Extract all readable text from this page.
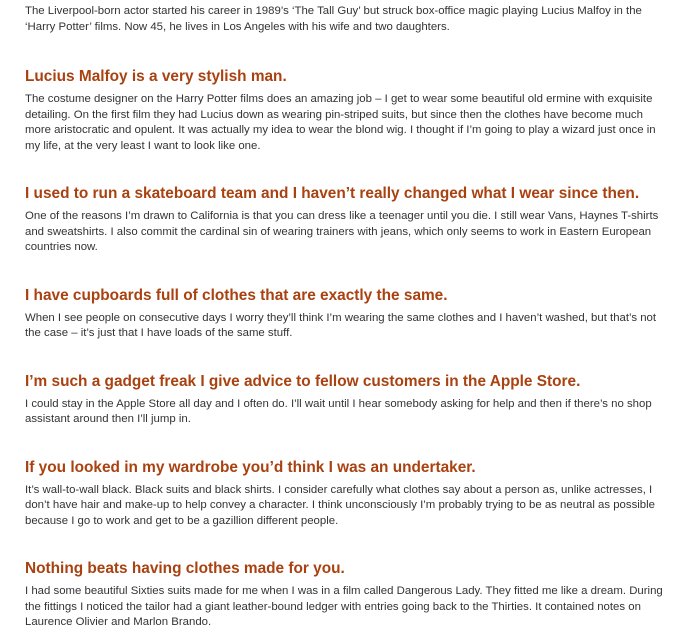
The Liverpool-born actor started his career in 1989’s ‘The Tall Guy’ but struck box-office magic playing Lucius Malfoy in the ‘Harry Potter’ films. Now 45, he lives in Los Angeles with his wife and two daughters.

Lucius Malfoy is a very stylish man.

The costume designer on the Harry Potter films does an amazing job – I get to wear some beautiful old ermine with exquisite detailing. On the first film they had Lucius down as wearing pin-striped suits, but since then the clothes have become much more aristocratic and opulent. It was actually my idea to wear the blond wig. I thought if I’m going to play a wizard just once in my life, at the very least I want to look like one.

I used to run a skateboard team and I haven’t really changed what I wear since then.

One of the reasons I’m drawn to California is that you can dress like a teenager until you die. I still wear Vans, Haynes T-shirts and sweatshirts. I also commit the cardinal sin of wearing trainers with jeans, which only seems to work in Eastern European countries now.

I have cupboards full of clothes that are exactly the same.

When I see people on consecutive days I worry they’ll think I’m wearing the same clothes and I haven’t washed, but that’s not the case – it’s just that I have loads of the same stuff.

I’m such a gadget freak I give advice to fellow customers in the Apple Store.

I could stay in the Apple Store all day and I often do. I’ll wait until I hear somebody asking for help and then if there’s no shop assistant around then I’ll jump in.

If you looked in my wardrobe you’d think I was an undertaker.

It’s wall-to-wall black. Black suits and black shirts. I consider carefully what clothes say about a person as, unlike actresses, I don’t have hair and make-up to help convey a character. I think unconsciously I’m probably trying to be as neutral as possible because I go to work and get to be a gazillion different people.

Nothing beats having clothes made for you.

I had some beautiful Sixties suits made for me when I was in a film called Dangerous Lady. They fitted me like a dream. During the fittings I noticed the tailor had a giant leather-bound ledger with entries going back to the Thirties. It contained notes on Laurence Olivier and Marlon Brando.
